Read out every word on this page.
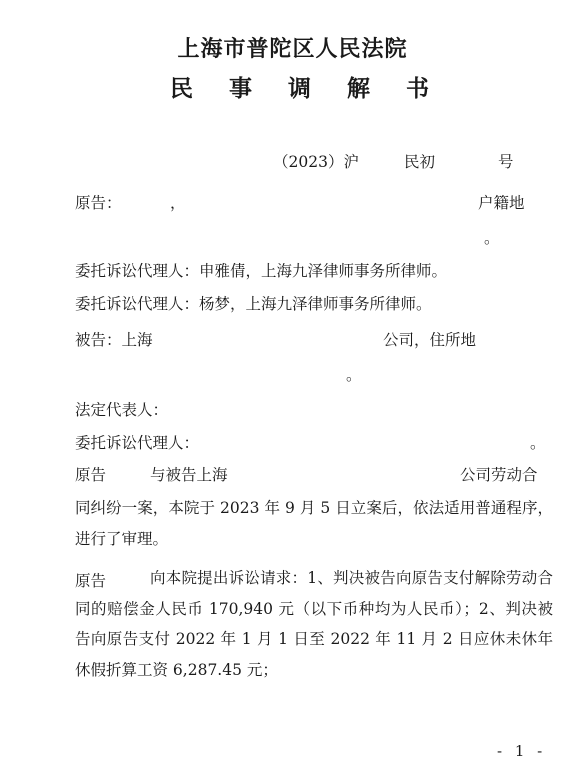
上海市普陀区人民法院
民 事 调 解 书
（2023）沪	民初	号
原告：	，	户籍地
。
委托诉讼代理人：申雅倩，上海九泽律师事务所律师。
委托诉讼代理人：杨梦，上海九泽律师事务所律师。
被告：上海	公司，住所地
。
法定代表人：
委托诉讼代理人：	。
原告	与被告上海	公司劳动合
同纠纷一案，本院于 2023 年 9 月 5 日立案后，依法适用普通程序，进行了审理。
原告	向本院提出诉讼请求：1、判决被告向原告支付解除劳动合同的赔偿金人民币 170,940 元（以下币种均为人民币）；2、判决被告向原告支付 2022 年 1 月 1 日至 2022 年 11 月 2 日应休未休年休假折算工资 6,287.45 元；
- 1 -
